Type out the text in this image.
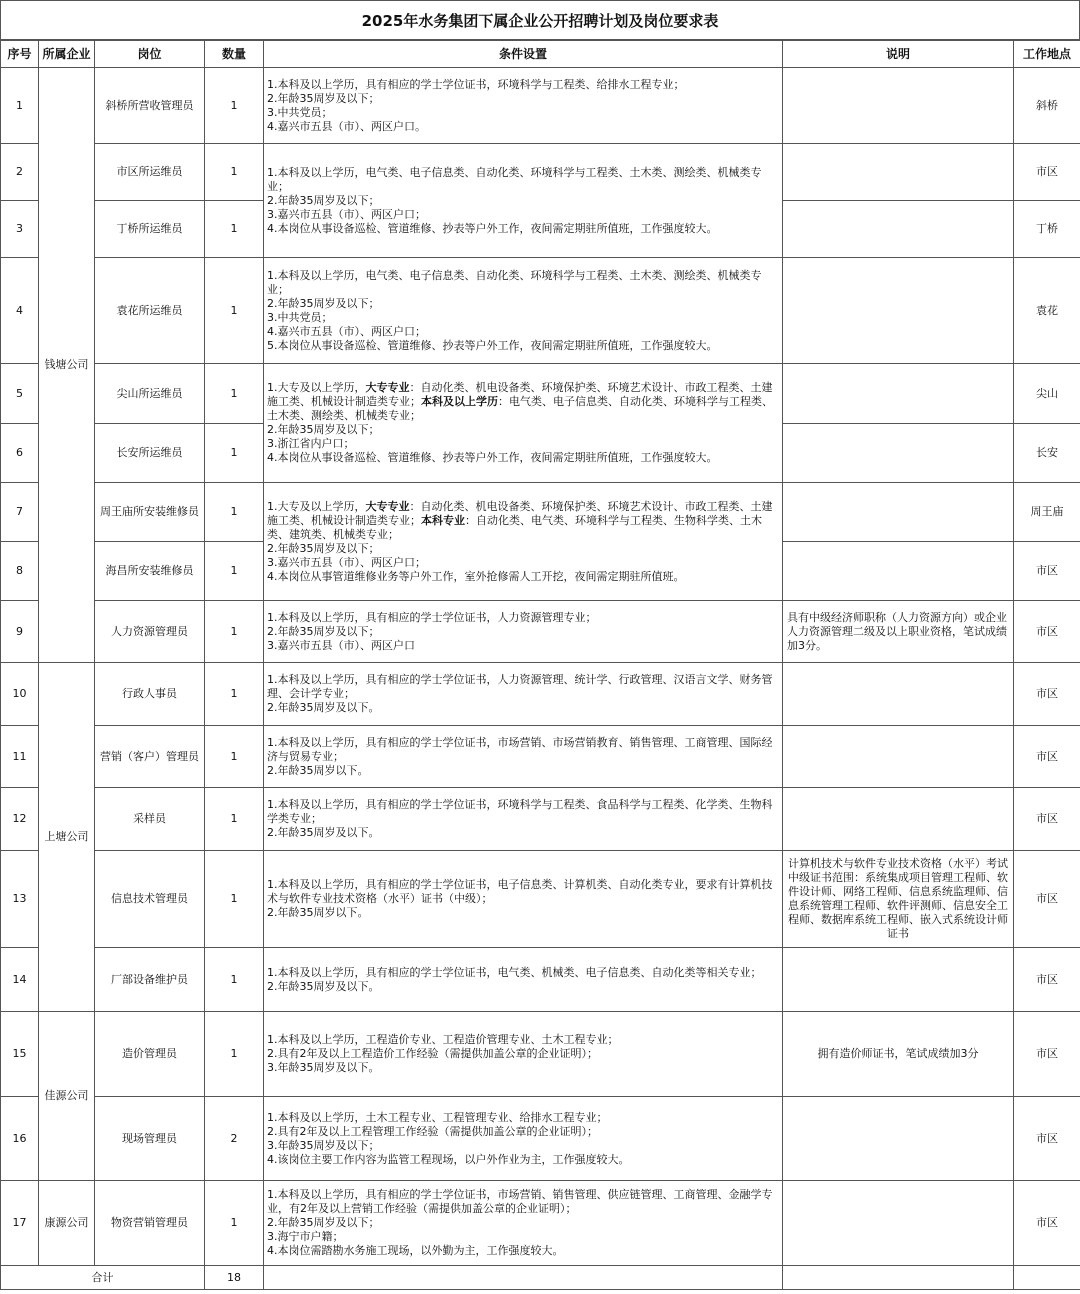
2025年水务集团下属企业公开招聘计划及岗位要求表
序号	所属企业	岗位	数量	条件设置	说明	工作地点
1	钱塘公司	斜桥所营收管理员	1	1.本科及以上学历，具有相应的学士学位证书，环境科学与工程类、给排水工程专业；
2.年龄35周岁及以下；
3.中共党员；
4.嘉兴市五县（市）、两区户口。		斜桥
2		市区所运维员	1	1.本科及以上学历，电气类、电子信息类、自动化类、环境科学与工程类、土木类、测绘类、机械类专业；
2.年龄35周岁及以下；
3.嘉兴市五县（市）、两区户口；
4.本岗位从事设备巡检、管道维修、抄表等户外工作，夜间需定期驻所值班，工作强度较大。		市区
3		丁桥所运维员	1			丁桥
4		袁花所运维员	1	1.本科及以上学历，电气类、电子信息类、自动化类、环境科学与工程类、土木类、测绘类、机械类专业；
2.年龄35周岁及以下；
3.中共党员；
4.嘉兴市五县（市）、两区户口；
5.本岗位从事设备巡检、管道维修、抄表等户外工作，夜间需定期驻所值班，工作强度较大。		袁花
5		尖山所运维员	1	1.大专及以上学历，大专专业：自动化类、机电设备类、环境保护类、环境艺术设计、市政工程类、土建施工类、机械设计制造类专业；本科及以上学历：电气类、电子信息类、自动化类、环境科学与工程类、土木类、测绘类、机械类专业；
2.年龄35周岁及以下；
3.浙江省内户口；
4.本岗位从事设备巡检、管道维修、抄表等户外工作，夜间需定期驻所值班，工作强度较大。		尖山
6		长安所运维员	1			长安
7		周王庙所安装维修员	1	1.大专及以上学历，大专专业：自动化类、机电设备类、环境保护类、环境艺术设计、市政工程类、土建施工类、机械设计制造类专业；本科专业：自动化类、电气类、环境科学与工程类、生物科学类、土木类、建筑类、机械类专业；
2.年龄35周岁及以下；
3.嘉兴市五县（市）、两区户口；
4.本岗位从事管道维修业务等户外工作，室外抢修需人工开挖，夜间需定期驻所值班。		周王庙
8		海昌所安装维修员	1			市区
9		人力资源管理员	1	1.本科及以上学历，具有相应的学士学位证书，人力资源管理专业；
2.年龄35周岁及以下；
3.嘉兴市五县（市）、两区户口	具有中级经济师职称（人力资源方向）或企业人力资源管理二级及以上职业资格，笔试成绩加3分。	市区
10	上塘公司	行政人事员	1	1.本科及以上学历，具有相应的学士学位证书，人力资源管理、统计学、行政管理、汉语言文学、财务管理、会计学专业；
2.年龄35周岁及以下。		市区
11		营销（客户）管理员	1	1.本科及以上学历，具有相应的学士学位证书，市场营销、市场营销教育、销售管理、工商管理、国际经济与贸易专业；
2.年龄35周岁以下。		市区
12		采样员	1	1.本科及以上学历，具有相应的学士学位证书，环境科学与工程类、食品科学与工程类、化学类、生物科学类专业；
2.年龄35周岁及以下。		市区
13		信息技术管理员	1	1.本科及以上学历，具有相应的学士学位证书，电子信息类、计算机类、自动化类专业，要求有计算机技术与软件专业技术资格（水平）证书（中级）；
2.年龄35周岁以下。	计算机技术与软件专业技术资格（水平）考试中级证书范围：系统集成项目管理工程师、软件设计师、网络工程师、信息系统监理师、信息系统管理工程师、软件评测师、信息安全工程师、数据库系统工程师、嵌入式系统设计师证书	市区
14		厂部设备维护员	1	1.本科及以上学历，具有相应的学士学位证书，电气类、机械类、电子信息类、自动化类等相关专业；
2.年龄35周岁及以下。		市区
15	佳源公司	造价管理员	1	1.本科及以上学历，工程造价专业、工程造价管理专业、土木工程专业；
2.具有2年及以上工程造价工作经验（需提供加盖公章的企业证明）；
3.年龄35周岁及以下。	拥有造价师证书，笔试成绩加3分	市区
16		现场管理员	2	1.本科及以上学历，土木工程专业、工程管理专业、给排水工程专业；
2.具有2年及以上工程管理工作经验（需提供加盖公章的企业证明）；
3.年龄35周岁及以下；
4.该岗位主要工作内容为监管工程现场，以户外作业为主，工作强度较大。		市区
17	康源公司	物资营销管理员	1	1.本科及以上学历，具有相应的学士学位证书，市场营销、销售管理、供应链管理、工商管理、金融学专业，有2年及以上营销工作经验（需提供加盖公章的企业证明）；
2.年龄35周岁及以下；
3.海宁市户籍；
4.本岗位需踏勘水务施工现场，以外勤为主，工作强度较大。		市区
合计			18			
